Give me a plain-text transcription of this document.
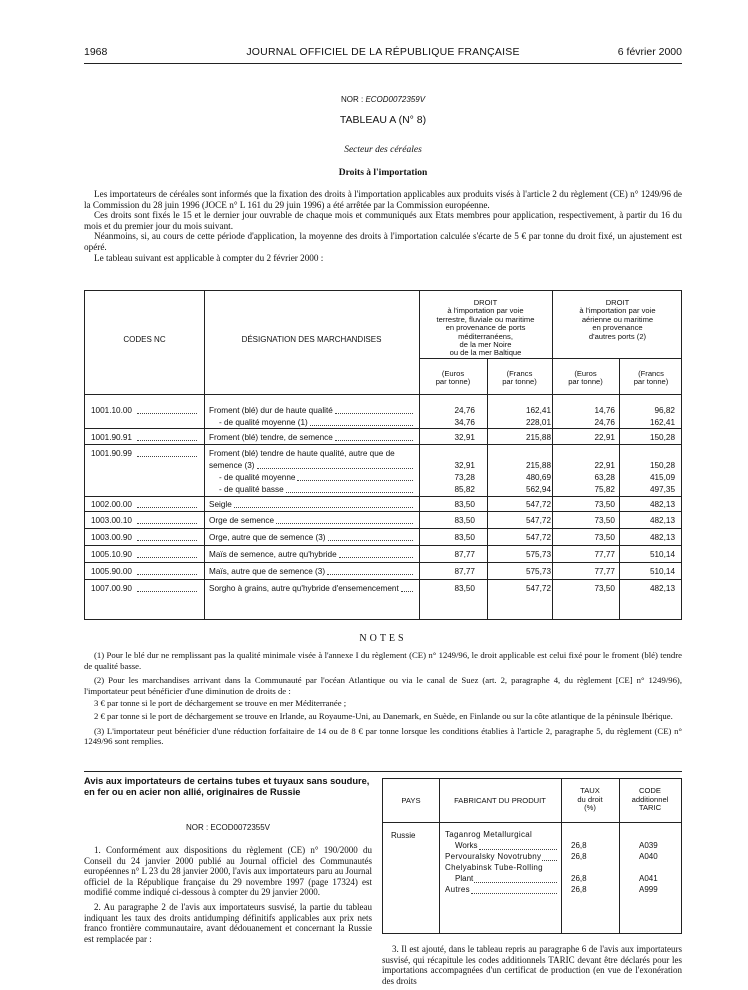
1968	JOURNAL OFFICIEL DE LA RÉPUBLIQUE FRANÇAISE	6 février 2000
NOR : ECOD0072359V
TABLEAU A (N° 8)
Secteur des céréales
Droits à l'importation

Les importateurs de céréales sont informés que la fixation des droits à l'importation applicables aux produits visés à l'article 2 du règlement (CE) n° 1249/96 de la Commission du 28 juin 1996 (JOCE n° L 161 du 29 juin 1996) a été arrêtée par la Commission européenne.

Ces droits sont fixés le 15 et le dernier jour ouvrable de chaque mois et communiqués aux Etats membres pour application, respectivement, à partir du 16 du mois et du premier jour du mois suivant.

Néanmoins, si, au cours de cette période d'application, la moyenne des droits à l'importation calculée s'écarte de 5 € par tonne du droit fixé, un ajustement est opéré.

Le tableau suivant est applicable à compter du 2 février 2000 :

CODES NC	DÉSIGNATION DES MARCHANDISES
DROIT
à l'importation par voie
terrestre, fluviale ou maritime
en provenance de ports
méditerranéens,
de la mer Noire
ou de la mer Baltique
DROIT
à l'importation par voie
aérienne ou maritime
en provenance
d'autres ports (2)
(Euros
par tonne)
(Francs
par tonne)
(Euros
par tonne)
(Francs
par tonne)
1001.10.00	Froment (blé) dur de haute qualité	24,76	162,41	14,76	96,82
- de qualité moyenne (1)	34,76	228,01	24,76	162,41
1001.90.91	Froment (blé) tendre, de semence	32,91	215,88	22,91	150,28
1001.90.99	Froment (blé) tendre de haute qualité, autre que de
semence (3)	32,91	215,88	22,91	150,28
- de qualité moyenne	73,28	480,69	63,28	415,09
- de qualité basse	85,82	562,94	75,82	497,35
1002.00.00	Seigle	83,50	547,72	73,50	482,13
1003.00.10	Orge de semence	83,50	547,72	73,50	482,13
1003.00.90	Orge, autre que de semence (3)	83,50	547,72	73,50	482,13
1005.10.90	Maïs de semence, autre qu'hybride	87,77	575,73	77,77	510,14
1005.90.00	Maïs, autre que de semence (3)	87,77	575,73	77,77	510,14
1007.00.90	Sorgho à grains, autre qu'hybride d'ensemencement	83,50	547,72	73,50	482,13
NOTES

(1) Pour le blé dur ne remplissant pas la qualité minimale visée à l'annexe I du règlement (CE) n° 1249/96, le droit applicable est celui fixé pour le froment (blé) tendre de qualité basse.

(2) Pour les marchandises arrivant dans la Communauté par l'océan Atlantique ou via le canal de Suez (art. 2, paragraphe 4, du règlement [CE] n° 1249/96), l'importateur peut bénéficier d'une diminution de droits de :

3 € par tonne si le port de déchargement se trouve en mer Méditerranée ;

2 € par tonne si le port de déchargement se trouve en Irlande, au Royaume-Uni, au Danemark, en Suède, en Finlande ou sur la côte atlantique de la péninsule Ibérique.

(3) L'importateur peut bénéficier d'une réduction forfaitaire de 14 ou de 8 € par tonne lorsque les conditions établies à l'article 2, paragraphe 5, du règlement (CE) n° 1249/96 sont remplies.

Avis aux importateurs de certains tubes et tuyaux sans soudure, en fer ou en acier non allié, originaires de Russie
NOR : ECOD0072355V

1. Conformément aux dispositions du règlement (CE) n° 190/2000 du Conseil du 24 janvier 2000 publié au Journal officiel des Communautés européennes n° L 23 du 28 janvier 2000, l'avis aux importateurs paru au Journal officiel de la République française du 29 novembre 1997 (page 17324) est modifié comme indiqué ci-dessous à compter du 29 janvier 2000.

2. Au paragraphe 2 de l'avis aux importateurs susvisé, la partie du tableau indiquant les taux des droits antidumping définitifs applicables aux prix nets franco frontière communautaire, avant dédouanement et concernant la Russie est remplacée par :

PAYS	FABRICANT DU PRODUIT
TAUX
du droit
(%)
CODE
additionnel
TARIC
Russie	Taganrog Metallurgical
Works	26,8	A039
Pervouralsky Novotrubny	26,8	A040
Chelyabinsk Tube-Rolling
Plant	26,8	A041
Autres	26,8	A999

3. Il est ajouté, dans le tableau repris au paragraphe 6 de l'avis aux importateurs susvisé, qui récapitule les codes additionnels TARIC devant être déclarés pour les importations accompagnées d'un certificat de production (en vue de l'exonération des droits
